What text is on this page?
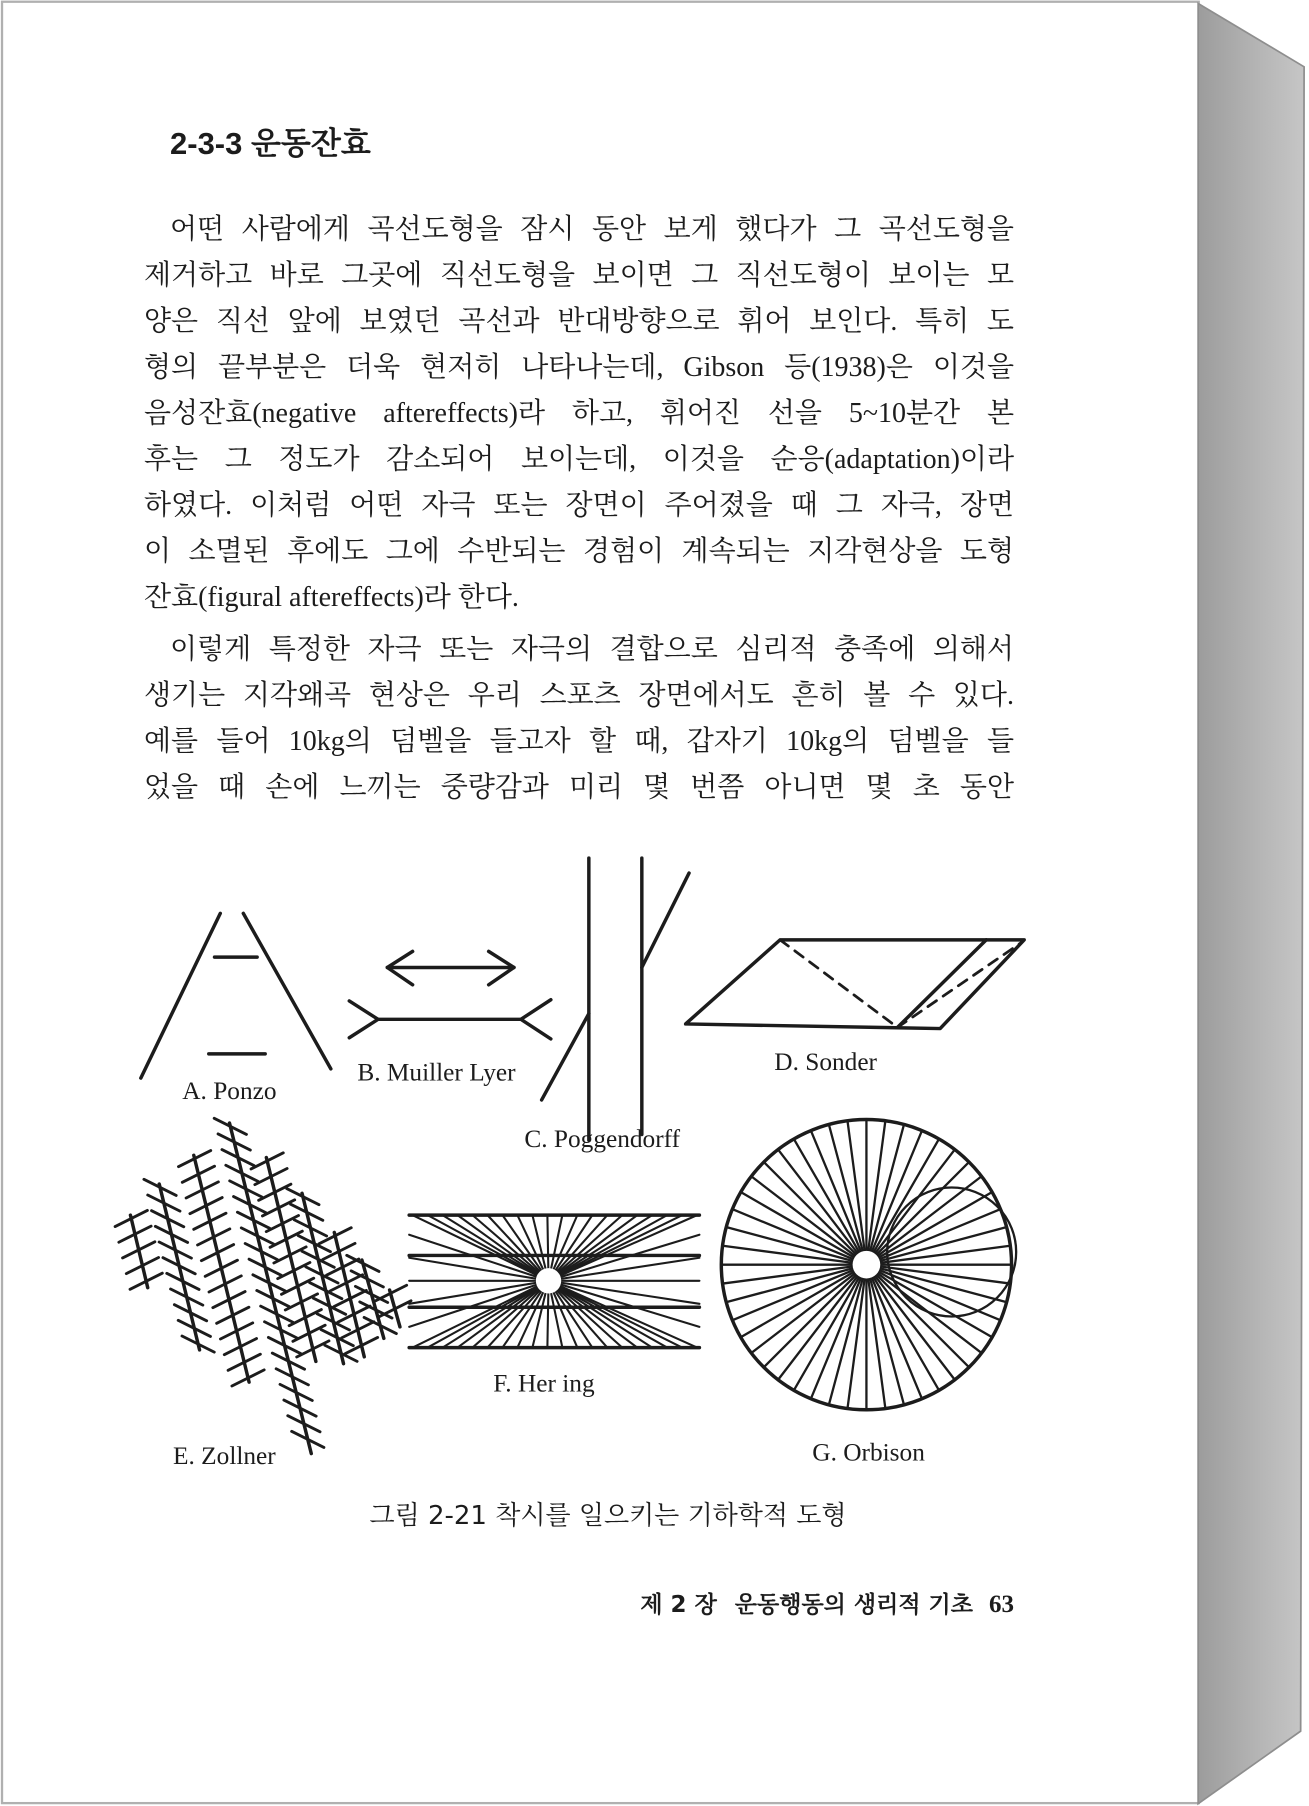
A. Ponzo
B. Muiller Lyer
C. Poggendorff
D. Sonder
E. Zollner
F. Her ing
G. Orbison
2-3-3 운동잔효
어떤 사람에게 곡선도형을 잠시 동안 보게 했다가 그 곡선도형을
제거하고 바로 그곳에 직선도형을 보이면 그 직선도형이 보이는 모
양은 직선 앞에 보였던 곡선과 반대방향으로 휘어 보인다. 특히 도
형의 끝부분은 더욱 현저히 나타나는데, Gibson 등(1938)은 이것을
음성잔효(negative aftereffects)라 하고, 휘어진 선을 5~10분간 본
후는 그 정도가 감소되어 보이는데, 이것을 순응(adaptation)이라
하였다. 이처럼 어떤 자극 또는 장면이 주어졌을 때 그 자극, 장면
이 소멸된 후에도 그에 수반되는 경험이 계속되는 지각현상을 도형
잔효(figural aftereffects)라 한다.
이렇게 특정한 자극 또는 자극의 결합으로 심리적 충족에 의해서
생기는 지각왜곡 현상은 우리 스포츠 장면에서도 흔히 볼 수 있다.
예를 들어 10kg의 덤벨을 들고자 할 때, 갑자기 10kg의 덤벨을 들
었을 때 손에 느끼는 중량감과 미리 몇 번쯤 아니면 몇 초 동안
그림 2-21 착시를 일으키는 기하학적 도형
제 2 장 운동행동의 생리적 기초 63
